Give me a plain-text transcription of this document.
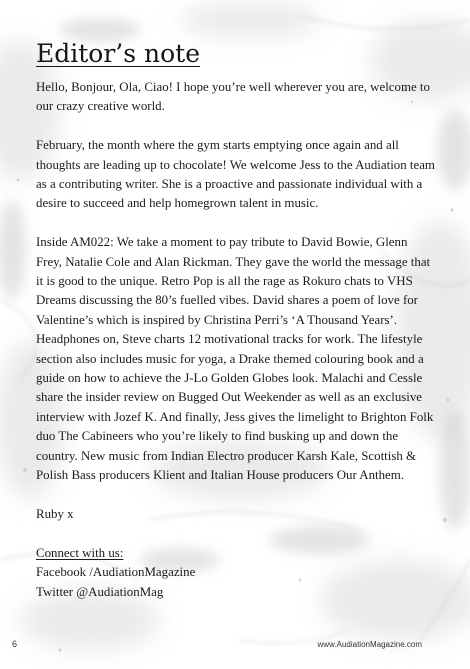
Editor’s note

Hello, Bonjour, Ola, Ciao! I hope you’re well wherever you are, welcome to our crazy creative world.

February, the month where the gym starts emptying once again and all thoughts are leading up to chocolate! We welcome Jess to the Audiation team as a contributing writer. She is a proactive and passionate individual with a desire to succeed and help homegrown talent in music.

Inside AM022: We take a moment to pay tribute to David Bowie, Glenn Frey, Natalie Cole and Alan Rickman. They gave the world the message that it is good to the unique. Retro Pop is all the rage as Rokuro chats to VHS Dreams discussing the 80’s fuelled vibes. David shares a poem of love for Valentine’s which is inspired by Christina Perri’s ‘A Thousand Years’. Headphones on, Steve charts 12 motivational tracks for work. The lifestyle section also includes music for yoga, a Drake themed colouring book and a guide on how to achieve the J-Lo Golden Globes look. Malachi and Cessle share the insider review on Bugged Out Weekender as well as an exclusive interview with Jozef K. And finally, Jess gives the limelight to Brighton Folk duo The Cabineers who you’re likely to find busking up and down the country. New music from Indian Electro producer Karsh Kale, Scottish & Polish Bass producers Klient and Italian House producers Our Anthem.

Ruby x

Connect with us:

Facebook /AudiationMagazine

Twitter @AudiationMag

6	www.AudiationMagazine.com
